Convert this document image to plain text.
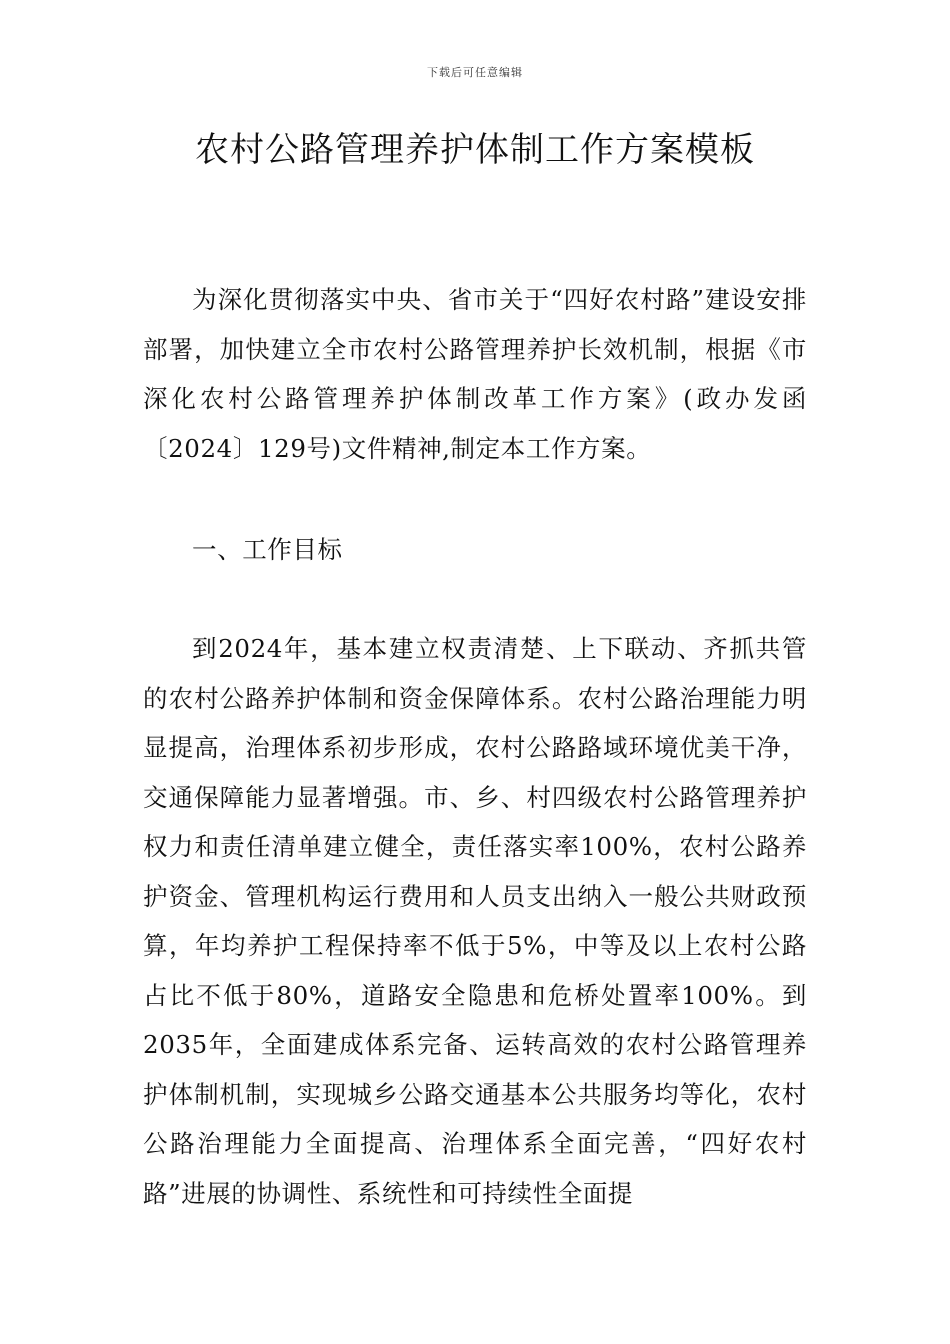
下载后可任意编辑
农村公路管理养护体制工作方案模板

为深化贯彻落实中央、省市关于“四好农村路”建设安排部署，加快建立全市农村公路管理养护长效机制，根据《市深化农村公路管理养护体制改革工作方案》(政办发函〔2024〕129号)文件精神,制定本工作方案。

一、工作目标

到2024年，基本建立权责清楚、上下联动、齐抓共管的农村公路养护体制和资金保障体系。农村公路治理能力明显提高，治理体系初步形成，农村公路路域环境优美干净，交通保障能力显著增强。市、乡、村四级农村公路管理养护权力和责任清单建立健全，责任落实率100%，农村公路养护资金、管理机构运行费用和人员支出纳入一般公共财政预算，年均养护工程保持率不低于5%，中等及以上农村公路占比不低于80%，道路安全隐患和危桥处置率100%。到2035年，全面建成体系完备、运转高效的农村公路管理养护体制机制，实现城乡公路交通基本公共服务均等化，农村公路治理能力全面提高、治理体系全面完善，“四好农村路”进展的协调性、系统性和可持续性全面提
